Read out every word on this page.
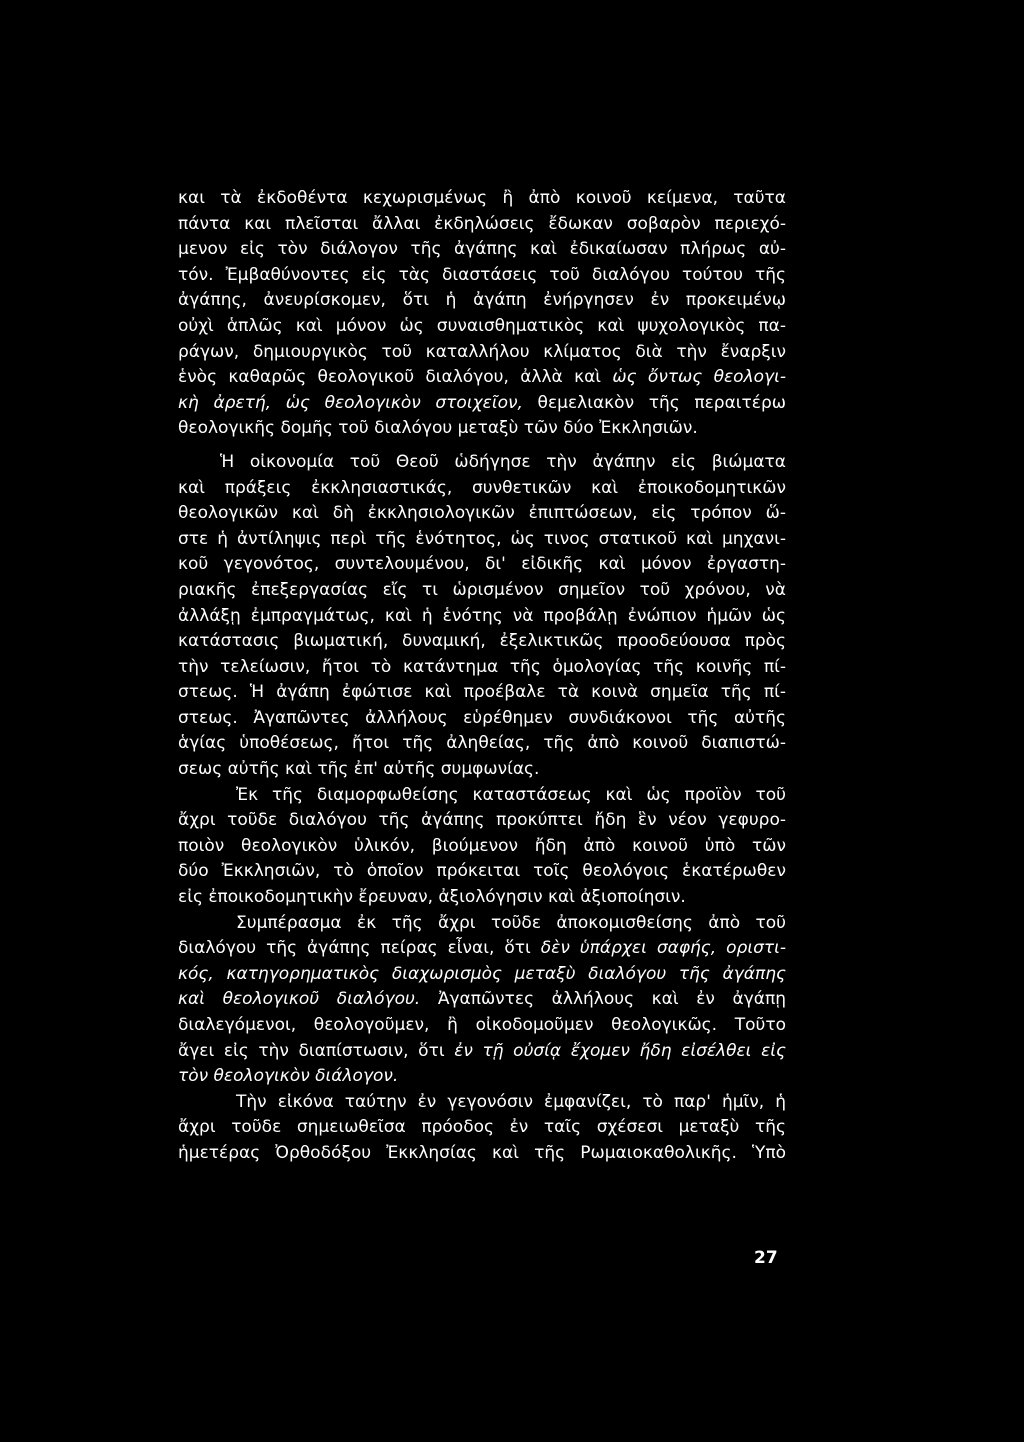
και τὰ ἐκδοθέντα κεχωρισμένως ἢ ἀπὸ κοινοῦ κείμενα, ταῦτα
πάντα και πλεῖσται ἄλλαι ἐκδηλώσεις ἔδωκαν σοβαρὸν περιεχό-
μενον εἰς τὸν διάλογον τῆς ἀγάπης καὶ ἐδικαίωσαν πλήρως αὐ-
τόν. Ἐμβαθύνοντες εἰς τὰς διαστάσεις τοῦ διαλόγου τούτου τῆς
ἀγάπης, ἀνευρίσκομεν, ὅτι ἡ ἀγάπη ἐνήργησεν ἐν προκειμένῳ
οὐχὶ ἁπλῶς καὶ μόνον ὡς συναισθηματικὸς καὶ ψυχολογικὸς πα-
ράγων, δημιουργικὸς τοῦ καταλλήλου κλίματος διὰ τὴν ἔναρξιν
ἑνὸς καθαρῶς θεολογικοῦ διαλόγου, ἀλλὰ καὶ ὡς ὄντως θεολογι-
κὴ ἀρετή, ὡς θεολογικὸν στοιχεῖον, θεμελιακὸν τῆς περαιτέρω
θεολογικῆς δομῆς τοῦ διαλόγου μεταξὺ τῶν δύο Ἐκκλησιῶν.
Ἡ οἰκονομία τοῦ Θεοῦ ὡδήγησε τὴν ἀγάπην εἰς βιώματα
καὶ πράξεις ἐκκλησιαστικάς, συνθετικῶν καὶ ἐποικοδομητικῶν
θεολογικῶν καὶ δὴ ἐκκλησιολογικῶν ἐπιπτώσεων, εἰς τρόπον ὥ-
στε ἡ ἀντίληψις περὶ τῆς ἑνότητος, ὡς τινος στατικοῦ καὶ μηχανι-
κοῦ γεγονότος, συντελουμένου, δι' εἰδικῆς καὶ μόνον ἐργαστη-
ριακῆς ἐπεξεργασίας εἴς τι ὡρισμένον σημεῖον τοῦ χρόνου, νὰ
ἀλλάξῃ ἐμπραγμάτως, καὶ ἡ ἑνότης νὰ προβάλῃ ἐνώπιον ἡμῶν ὡς
κατάστασις βιωματική, δυναμική, ἐξελικτικῶς προοδεύουσα πρὸς
τὴν τελείωσιν, ἤτοι τὸ κατάντημα τῆς ὁμολογίας τῆς κοινῆς πί-
στεως. Ἡ ἀγάπη ἐφώτισε καὶ προέβαλε τὰ κοινὰ σημεῖα τῆς πί-
στεως. Ἀγαπῶντες ἀλλήλους εὑρέθημεν συνδιάκονοι τῆς αὐτῆς
ἁγίας ὑποθέσεως, ἤτοι τῆς ἀληθείας, τῆς ἀπὸ κοινοῦ διαπιστώ-
σεως αὐτῆς καὶ τῆς ἐπ' αὐτῆς συμφωνίας.
Ἐκ τῆς διαμορφωθείσης καταστάσεως καὶ ὡς προϊὸν τοῦ
ἄχρι τοῦδε διαλόγου τῆς ἀγάπης προκύπτει ἤδη ἓν νέον γεφυρο-
ποιὸν θεολογικὸν ὑλικόν, βιούμενον ἤδη ἀπὸ κοινοῦ ὑπὸ τῶν
δύο Ἐκκλησιῶν, τὸ ὁποῖον πρόκειται τοῖς θεολόγοις ἑκατέρωθεν
εἰς ἐποικοδομητικὴν ἔρευναν, ἀξιολόγησιν καὶ ἀξιοποίησιν.
Συμπέρασμα ἐκ τῆς ἄχρι τοῦδε ἀποκομισθείσης ἀπὸ τοῦ
διαλόγου τῆς ἀγάπης πείρας εἶναι, ὅτι δὲν ὑπάρχει σαφής, οριστι-
κός, κατηγορηματικὸς διαχωρισμὸς μεταξὺ διαλόγου τῆς ἀγάπης
καὶ θεολογικοῦ διαλόγου. Ἀγαπῶντες ἀλλήλους καὶ ἐν ἀγάπῃ
διαλεγόμενοι, θεολογοῦμεν, ἢ οἰκοδομοῦμεν θεολογικῶς. Τοῦτο
ἄγει εἰς τὴν διαπίστωσιν, ὅτι ἐν τῇ οὐσίᾳ ἔχομεν ἤδη εἰσέλθει εἰς
τὸν θεολογικὸν διάλογον.
Τὴν εἰκόνα ταύτην ἐν γεγονόσιν ἐμφανίζει, τὸ παρ' ἡμῖν, ἡ
ἄχρι τοῦδε σημειωθεῖσα πρόοδος ἐν ταῖς σχέσεσι μεταξὺ τῆς
ἡμετέρας Ὀρθοδόξου Ἐκκλησίας καὶ τῆς Ρωμαιοκαθολικῆς. Ὑπὸ
27
